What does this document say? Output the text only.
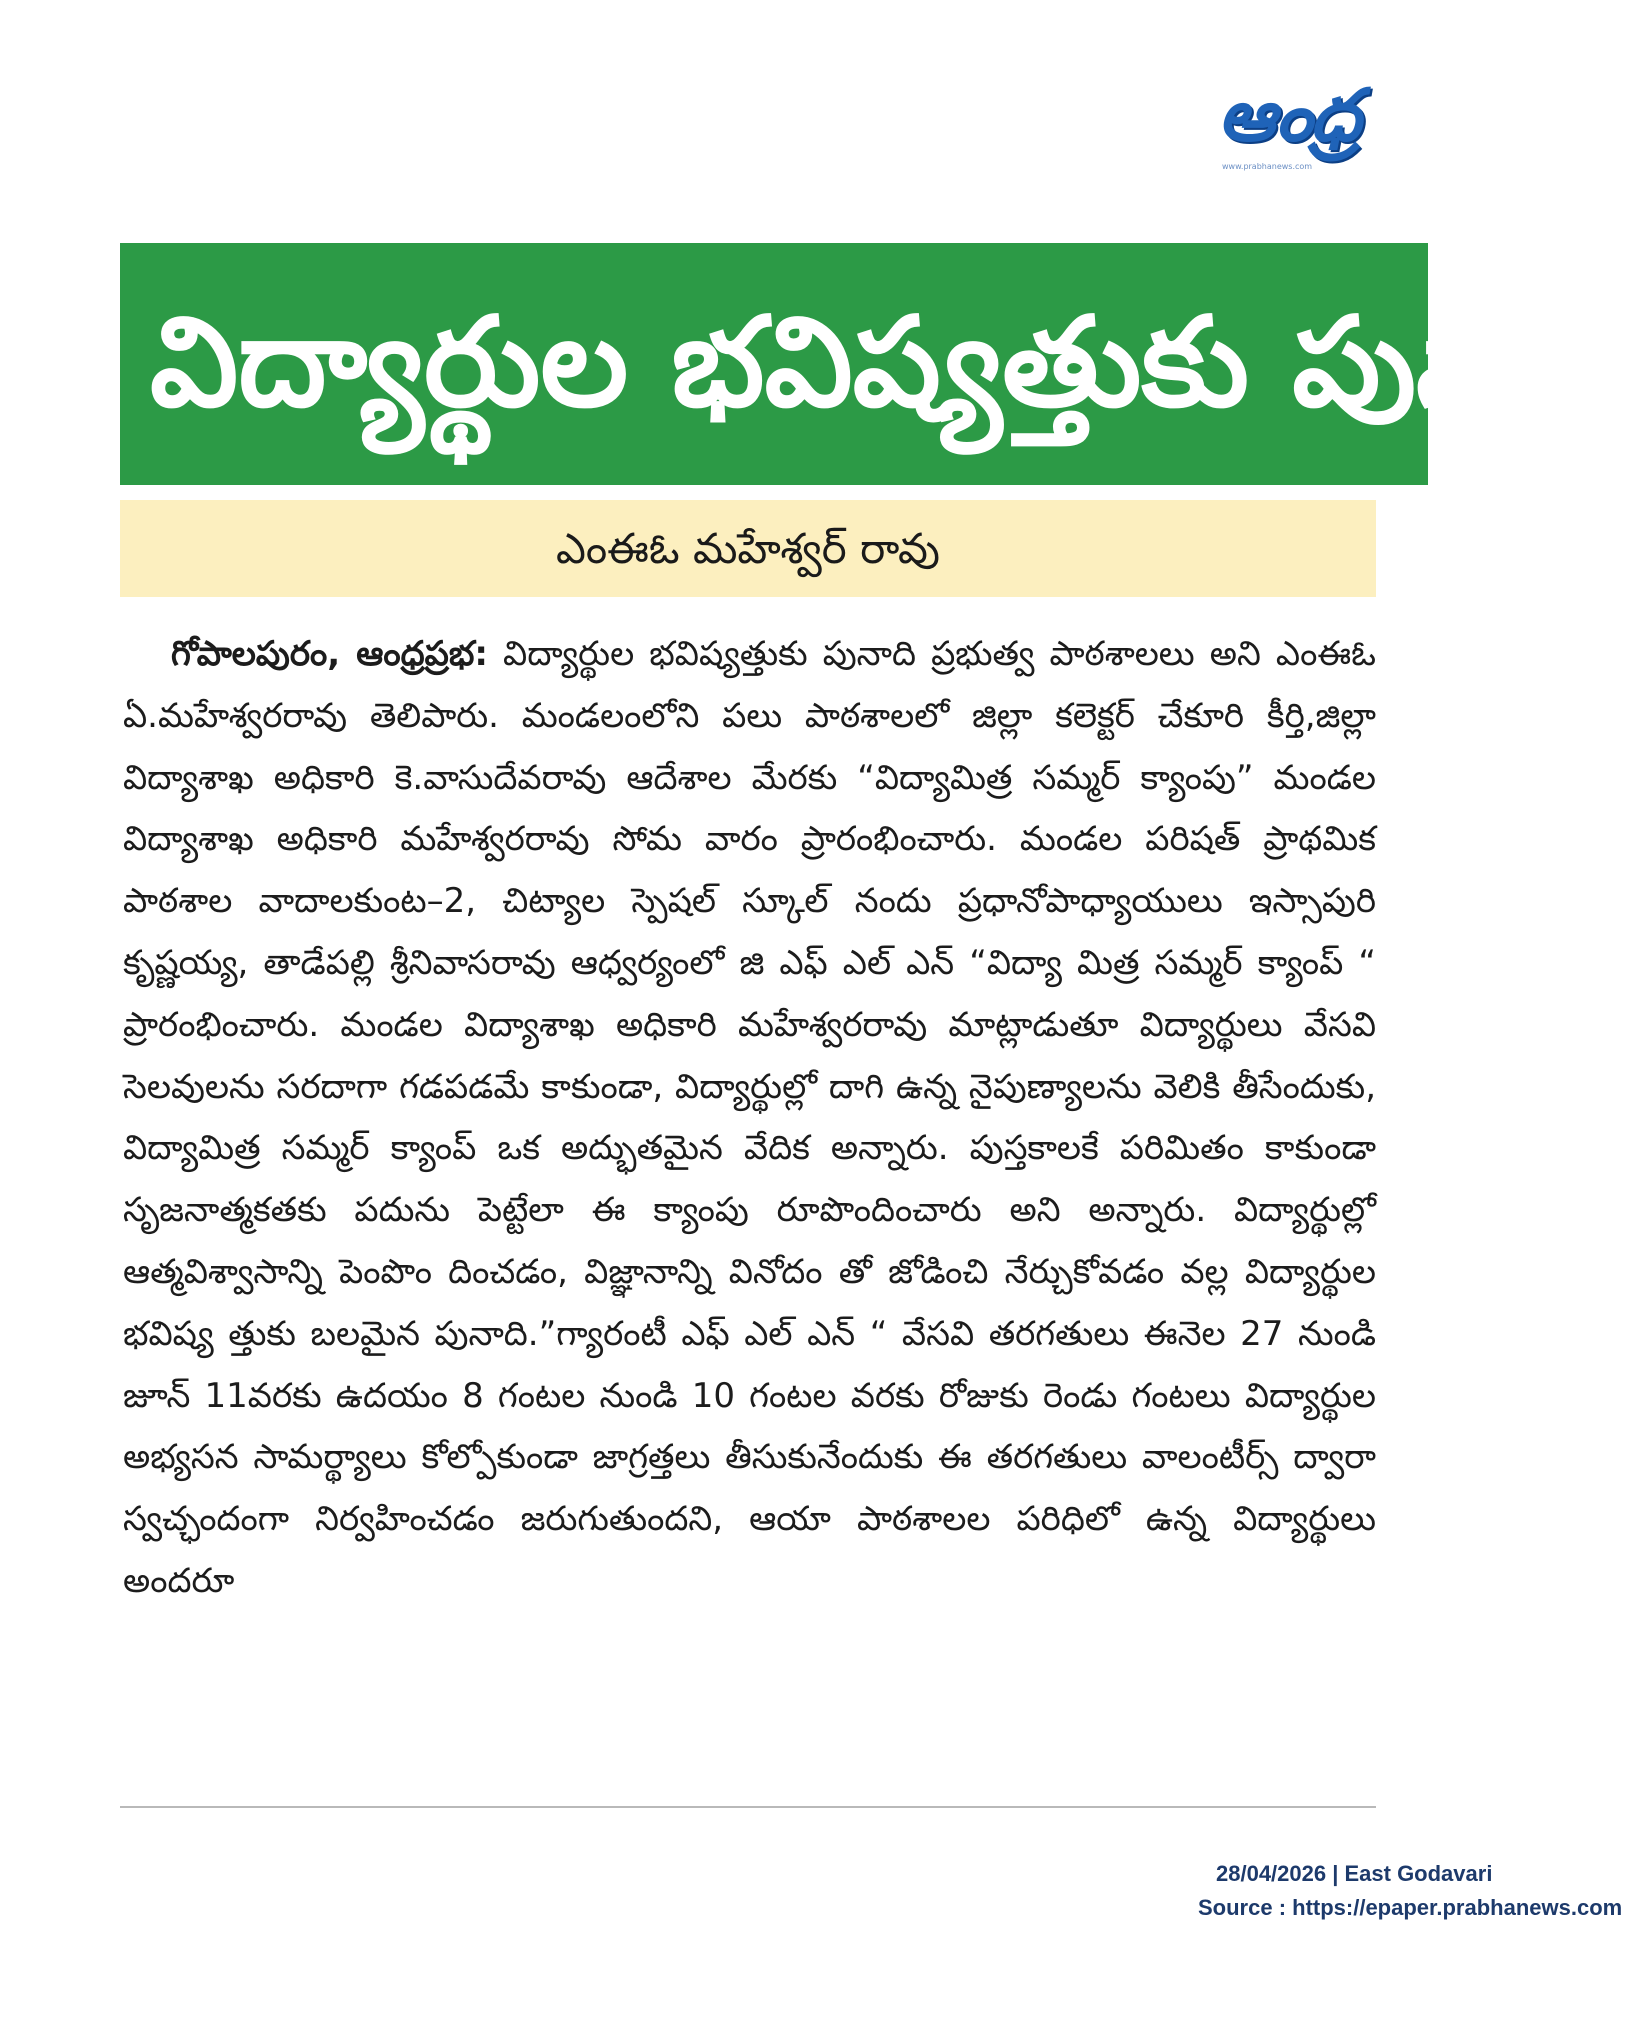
ఆంధ్ర
www.prabhanews.com
విద్యార్థుల భవిష్యత్తుకు పునాది
ఎంఈఓ మహేశ్వర్ రావు
గోపాలపురం, ఆంధ్రప్రభ: విద్యార్థుల భవిష్యత్తుకు పునాది ప్రభుత్వ పాఠశాలలు అని ఎంఈఓ ఏ.మహేశ్వరరావు తెలిపారు. మండలంలోని పలు పాఠశాలలో జిల్లా కలెక్టర్ చేకూరి కీర్తి,జిల్లా విద్యాశాఖ అధికారి కె.వాసుదేవరావు ఆదేశాల మేరకు “విద్యామిత్ర సమ్మర్ క్యాంపు” మండల విద్యాశాఖ అధికారి మహేశ్వరరావు సోమ వారం ప్రారంభించారు. మండల పరిషత్ ప్రాథమిక పాఠశాల వాదాలకుంట–2, చిట్యాల స్పెషల్ స్కూల్ నందు ప్రధానోపాధ్యాయులు ఇస్సాపురి కృష్ణయ్య, తాడేపల్లి శ్రీనివాసరావు ఆధ్వర్యంలో జి ఎఫ్ ఎల్ ఎన్ “విద్యా మిత్ర సమ్మర్ క్యాంప్ “ ప్రారంభించారు. మండల విద్యాశాఖ అధికారి మహేశ్వరరావు మాట్లాడుతూ విద్యార్థులు వేసవి సెలవులను సరదాగా గడపడమే కాకుండా, విద్యార్థుల్లో దాగి ఉన్న నైపుణ్యాలను వెలికి తీసేందుకు, విద్యామిత్ర సమ్మర్ క్యాంప్ ఒక అద్భుతమైన వేదిక అన్నారు. పుస్తకాలకే పరిమితం కాకుండా సృజనాత్మకతకు పదును పెట్టేలా ఈ క్యాంపు రూపొందించారు అని అన్నారు. విద్యార్థుల్లో ఆత్మవిశ్వాసాన్ని పెంపొం దించడం, విజ్ఞానాన్ని వినోదం తో జోడించి నేర్చుకోవడం వల్ల విద్యార్థుల భవిష్య త్తుకు బలమైన పునాది.”గ్యారంటీ ఎఫ్ ఎల్ ఎన్ “ వేసవి తరగతులు ఈనెల 27 నుండి జూన్ 11వరకు ఉదయం 8 గంటల నుండి 10 గంటల వరకు రోజుకు రెండు గంటలు విద్యార్థుల అభ్యసన సామర్థ్యాలు కోల్పోకుండా జాగ్రత్తలు తీసుకునేందుకు ఈ తరగతులు వాలంటీర్స్ ద్వారా స్వచ్ఛందంగా నిర్వహించడం జరుగుతుందని, ఆయా పాఠశాలల పరిధిలో ఉన్న విద్యార్థులు అందరూ
28/04/2026 | East Godavari
Source : https://epaper.prabhanews.com
